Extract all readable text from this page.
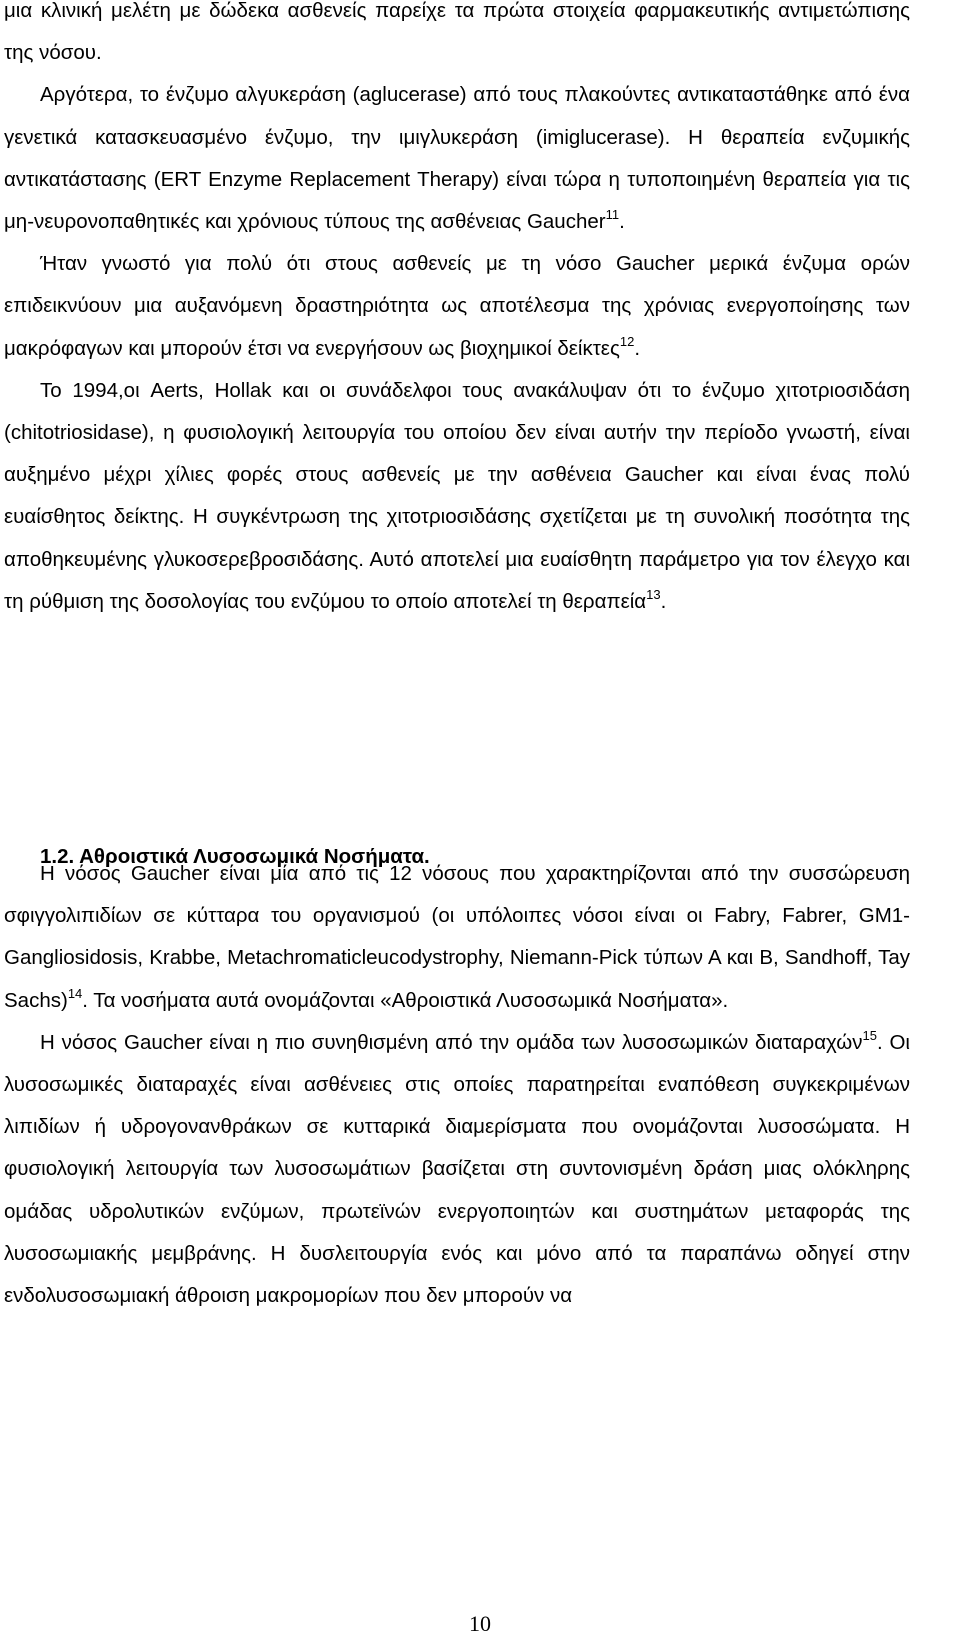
μια κλινική μελέτη με δώδεκα ασθενείς παρείχε τα πρώτα στοιχεία φαρμακευτικής αντιμετώπισης της νόσου.

Αργότερα, το ένζυμο αλγυκεράση (aglucerase) από τους πλακούντες αντικαταστάθηκε από ένα γενετικά κατασκευασμένο ένζυμο, την ιμιγλυκεράση (imiglucerase). Η θεραπεία ενζυμικής αντικατάστασης (ERT Enzyme Replacement Therapy) είναι τώρα η τυποποιημένη θεραπεία για τις μη-νευρονοπαθητικές και χρόνιους τύπους της ασθένειας Gaucher$^{11}$.

Ήταν γνωστό για πολύ ότι στους ασθενείς με τη νόσο Gaucher μερικά ένζυμα ορών επιδεικνύουν μια αυξανόμενη δραστηριότητα ως αποτέλεσμα της χρόνιας ενεργοποίησης των μακρόφαγων και μπορούν έτσι να ενεργήσουν ως βιοχημικοί δείκτες$^{12}$.

Το 1994,οι Aerts, Hollak και οι συνάδελφοι τους ανακάλυψαν ότι το ένζυμο χιτοτριοσιδάση (chitotriosidase), η φυσιολογική λειτουργία του οποίου δεν είναι αυτήν την περίοδο γνωστή, είναι αυξημένο μέχρι χίλιες φορές στους ασθενείς με την ασθένεια Gaucher και είναι ένας πολύ ευαίσθητος δείκτης. Η συγκέντρωση της χιτοτριοσιδάσης σχετίζεται με τη συνολική ποσότητα της αποθηκευμένης γλυκοσερεβροσιδάσης. Αυτό αποτελεί μια ευαίσθητη παράμετρο για τον έλεγχο και τη ρύθμιση της δοσολογίας του ενζύμου το οποίο αποτελεί τη θεραπεία$^{13}$.

1.2. Αθροιστικά Λυσοσωμικά Νοσήματα.

Η νόσος Gaucher είναι μία από τις 12 νόσους που χαρακτηρίζονται από την συσσώρευση σφιγγολιπιδίων σε κύτταρα του οργανισμού (οι υπόλοιπες νόσοι είναι οι Fabry, Fabrer, GM1-Gangliosidosis, Krabbe, Metachromaticleucodystrophy, Niemann-Pick τύπων Α και Β, Sandhoff, Tay Sachs)$^{14}$. Τα νοσήματα αυτά ονομάζονται «Αθροιστικά Λυσοσωμικά Νοσήματα».

Η νόσος Gaucher είναι η πιο συνηθισμένη από την ομάδα των λυσοσωμικών διαταραχών$^{15}$. Οι λυσοσωμικές διαταραχές είναι ασθένειες στις οποίες παρατηρείται εναπόθεση συγκεκριμένων λιπιδίων ή υδρογονανθράκων σε κυτταρικά διαμερίσματα που ονομάζονται λυσοσώματα. Η φυσιολογική λειτουργία των λυσοσωμάτιων βασίζεται στη συντονισμένη δράση μιας ολόκληρης ομάδας υδρολυτικών ενζύμων, πρωτεϊνών ενεργοποιητών και συστημάτων μεταφοράς της λυσοσωμιακής μεμβράνης. Η δυσλειτουργία ενός και μόνο από τα παραπάνω οδηγεί στην ενδολυσοσωμιακή άθροιση μακρομορίων που δεν μπορούν να

10
